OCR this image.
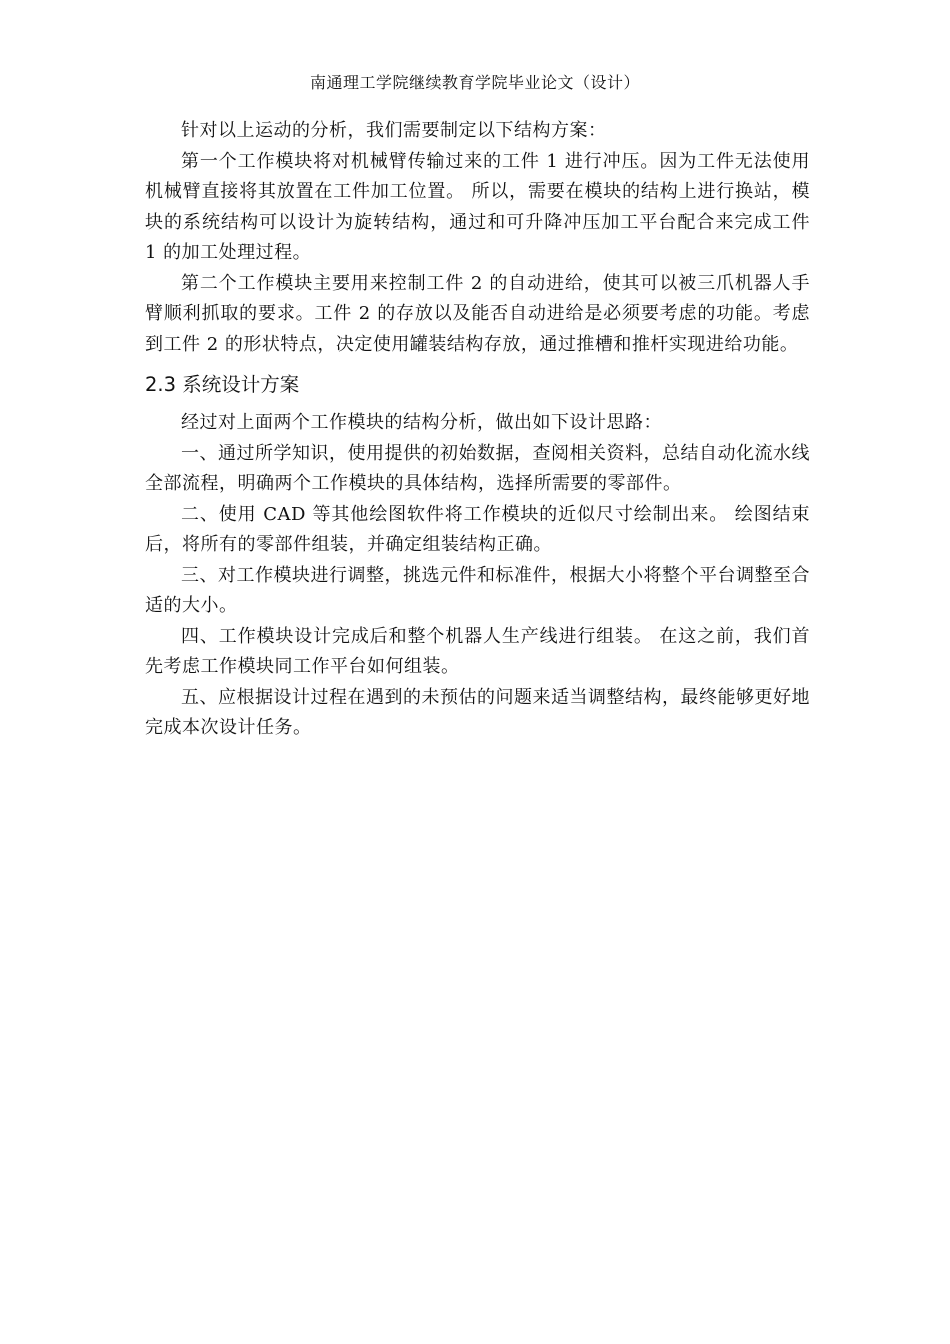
南通理工学院继续教育学院毕业论文（设计）

针对以上运动的分析，我们需要制定以下结构方案：

第一个工作模块将对机械臂传输过来的工件 1 进行冲压。因为工件无法使用机械臂直接将其放置在工件加工位置。 所以，需要在模块的结构上进行换站，模块的系统结构可以设计为旋转结构，通过和可升降冲压加工平台配合来完成工件 1 的加工处理过程。

第二个工作模块主要用来控制工件 2 的自动进给，使其可以被三爪机器人手臂顺利抓取的要求。工件 2 的存放以及能否自动进给是必须要考虑的功能。考虑到工件 2 的形状特点，决定使用罐装结构存放，通过推槽和推杆实现进给功能。

2.3 系统设计方案

经过对上面两个工作模块的结构分析，做出如下设计思路：

一、通过所学知识，使用提供的初始数据，查阅相关资料，总结自动化流水线全部流程，明确两个工作模块的具体结构，选择所需要的零部件。

二、使用 CAD 等其他绘图软件将工作模块的近似尺寸绘制出来。 绘图结束后，将所有的零部件组装，并确定组装结构正确。

三、对工作模块进行调整，挑选元件和标准件，根据大小将整个平台调整至合适的大小。

四、工作模块设计完成后和整个机器人生产线进行组装。 在这之前，我们首先考虑工作模块同工作平台如何组装。

五、应根据设计过程在遇到的未预估的问题来适当调整结构，最终能够更好地完成本次设计任务。
